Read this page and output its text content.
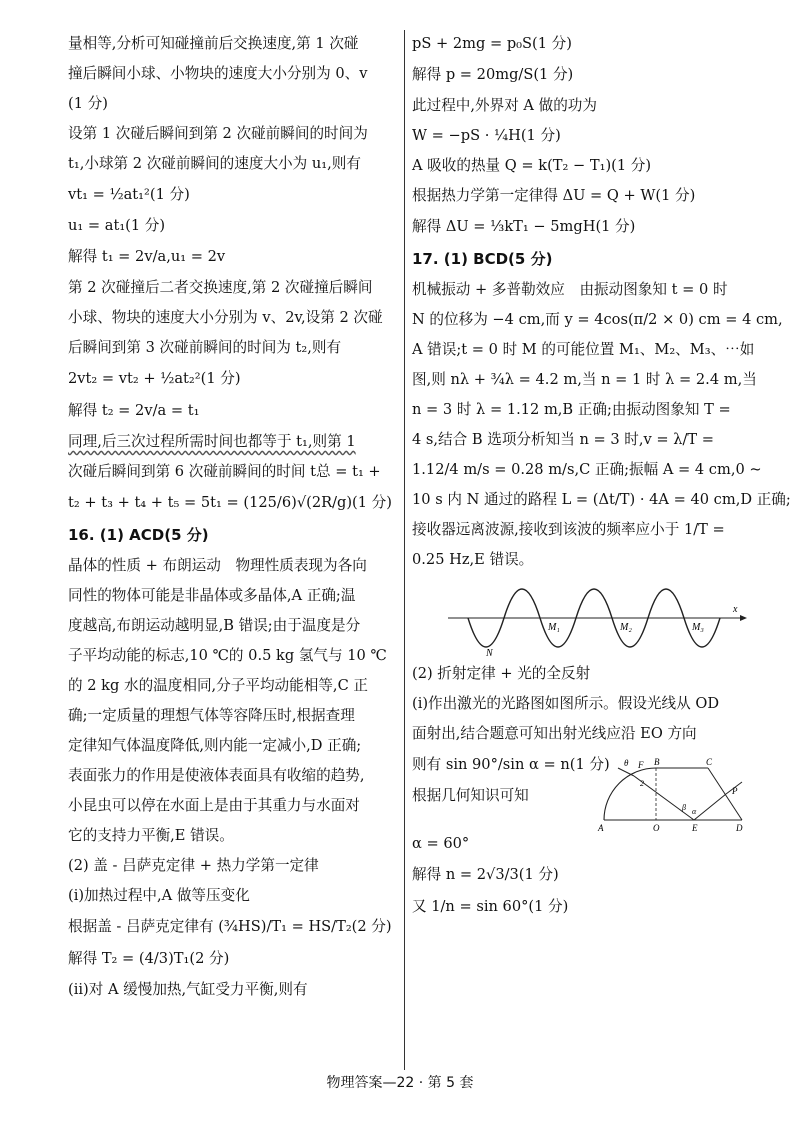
量相等,分析可知碰撞前后交换速度,第 1 次碰
撞后瞬间小球、小物块的速度大小分别为 0、v
(1 分)
设第 1 次碰后瞬间到第 2 次碰前瞬间的时间为
t₁,小球第 2 次碰前瞬间的速度大小为 u₁,则有
vt₁ = ½at₁²(1 分)
u₁ = at₁(1 分)
解得 t₁ = 2v/a,u₁ = 2v
第 2 次碰撞后二者交换速度,第 2 次碰撞后瞬间
小球、物块的速度大小分别为 v、2v,设第 2 次碰
后瞬间到第 3 次碰前瞬间的时间为 t₂,则有
2vt₂ = vt₂ + ½at₂²(1 分)
解得 t₂ = 2v/a = t₁
同理,后三次过程所需时间也都等于 t₁,则第 1
次碰后瞬间到第 6 次碰前瞬间的时间 t总 = t₁ +
t₂ + t₃ + t₄ + t₅ = 5t₁ = (125/6)√(2R/g)(1 分)
16. (1) ACD(5 分)
晶体的性质 + 布朗运动　物理性质表现为各向
同性的物体可能是非晶体或多晶体,A 正确;温
度越高,布朗运动越明显,B 错误;由于温度是分
子平均动能的标志,10 ℃的 0.5 kg 氢气与 10 ℃
的 2 kg 水的温度相同,分子平均动能相等,C 正
确;一定质量的理想气体等容降压时,根据查理
定律知气体温度降低,则内能一定减小,D 正确;
表面张力的作用是使液体表面具有收缩的趋势,
小昆虫可以停在水面上是由于其重力与水面对
它的支持力平衡,E 错误。
(2) 盖 - 吕萨克定律 + 热力学第一定律
(i)加热过程中,A 做等压变化
根据盖 - 吕萨克定律有 (¾HS)/T₁ = HS/T₂(2 分)
解得 T₂ = (4/3)T₁(2 分)
(ii)对 A 缓慢加热,气缸受力平衡,则有
pS + 2mg = p₀S(1 分)
解得 p = 20mg/S(1 分)
此过程中,外界对 A 做的功为
W = −pS · ¼H(1 分)
A 吸收的热量 Q = k(T₂ − T₁)(1 分)
根据热力学第一定律得 ΔU = Q + W(1 分)
解得 ΔU = ⅓kT₁ − 5mgH(1 分)
17. (1) BCD(5 分)
机械振动 + 多普勒效应　由振动图象知 t = 0 时
N 的位移为 −4 cm,而 y = 4cos(π/2 × 0) cm = 4 cm,
A 错误;t = 0 时 M 的可能位置 M₁、M₂、M₃、⋯如
图,则 nλ + ¾λ = 4.2 m,当 n = 1 时 λ = 2.4 m,当
n = 3 时 λ = 1.12 m,B 正确;由振动图象知 T =
4 s,结合 B 选项分析知当 n = 3 时,v = λ/T =
1.12/4 m/s = 0.28 m/s,C 正确;振幅 A = 4 cm,0 ~
10 s 内 N 通过的路程 L = (Δt/T) · 4A = 40 cm,D 正确;
接收器远离波源,接收到该波的频率应小于 1/T =
0.25 Hz,E 错误。
N
M₁	M₂	M₃
x
(2) 折射定律 + 光的全反射
(i)作出激光的光路图如图所示。假设光线从 OD
面射出,结合题意可知出射光线应沿 EO 方向
则有 sin 90°/sin α = n(1 分)
根据几何知识可知
θ F B	C
2
β α
P
A	O	E	D
α = 60°
解得 n = 2√3/3(1 分)
又 1/n = sin 60°(1 分)
物理答案—22 · 第 5 套
